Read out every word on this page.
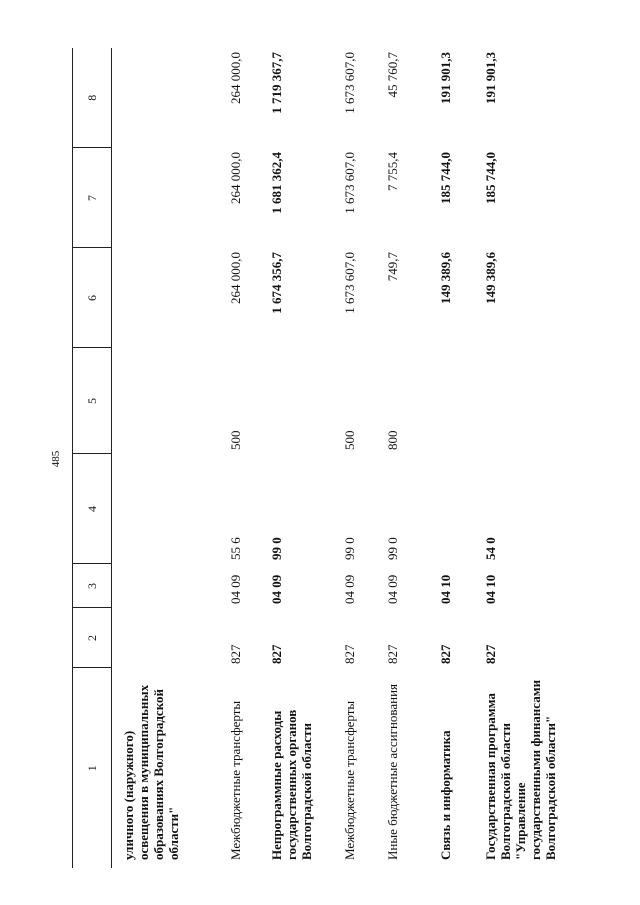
485
1	2	3	4	5	6	7	8
уличного (наружного) освещения в муниципальных образованиях Волгоградской области"							
Межбюджетные трансферты	827	04 09	55 6	500	264 000,0	264 000,0	264 000,0
Непрограммные расходы государственных органов Волгоградской области	827	04 09	99 0		1 674 356,7	1 681 362,4	1 719 367,7
Межбюджетные трансферты	827	04 09	99 0	500	1 673 607,0	1 673 607,0	1 673 607,0
Иные бюджетные ассигнования	827	04 09	99 0	800	749,7	7 755,4	45 760,7
Связь и информатика	827	04 10			149 389,6	185 744,0	191 901,3
Государственная программа Волгоградской области "Управление государственными финансами Волгоградской области"	827	04 10	54 0		149 389,6	185 744,0	191 901,3
